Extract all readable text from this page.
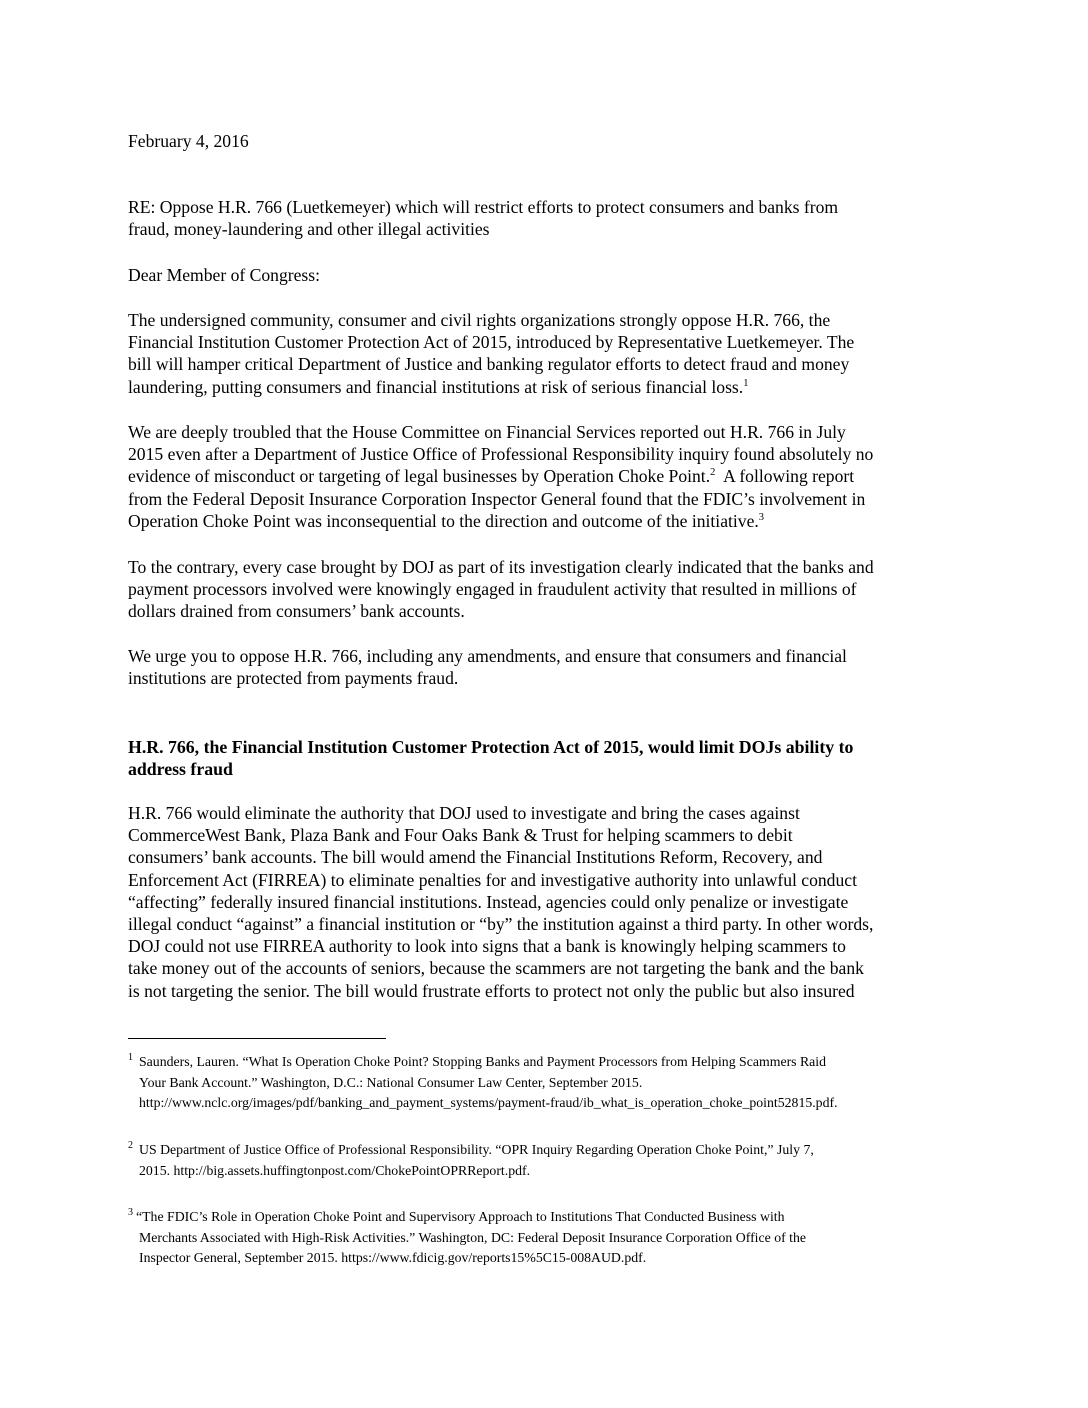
February 4, 2016
RE: Oppose H.R. 766 (Luetkemeyer) which will restrict efforts to protect consumers and banks from
fraud, money-laundering and other illegal activities
Dear Member of Congress:
The undersigned community, consumer and civil rights organizations strongly oppose H.R. 766, the
Financial Institution Customer Protection Act of 2015, introduced by Representative Luetkemeyer. The
bill will hamper critical Department of Justice and banking regulator efforts to detect fraud and money
laundering, putting consumers and financial institutions at risk of serious financial loss.$^1$
We are deeply troubled that the House Committee on Financial Services reported out H.R. 766 in July
2015 even after a Department of Justice Office of Professional Responsibility inquiry found absolutely no
evidence of misconduct or targeting of legal businesses by Operation Choke Point.$^2$  A following report
from the Federal Deposit Insurance Corporation Inspector General found that the FDIC’s involvement in
Operation Choke Point was inconsequential to the direction and outcome of the initiative.$^3$
To the contrary, every case brought by DOJ as part of its investigation clearly indicated that the banks and
payment processors involved were knowingly engaged in fraudulent activity that resulted in millions of
dollars drained from consumers’ bank accounts.
We urge you to oppose H.R. 766, including any amendments, and ensure that consumers and financial
institutions are protected from payments fraud.
H.R. 766, the Financial Institution Customer Protection Act of 2015, would limit DOJs ability to
address fraud
H.R. 766 would eliminate the authority that DOJ used to investigate and bring the cases against
CommerceWest Bank, Plaza Bank and Four Oaks Bank & Trust for helping scammers to debit
consumers’ bank accounts. The bill would amend the Financial Institutions Reform, Recovery, and
Enforcement Act (FIRREA) to eliminate penalties for and investigative authority into unlawful conduct
“affecting” federally insured financial institutions. Instead, agencies could only penalize or investigate
illegal conduct “against” a financial institution or “by” the institution against a third party. In other words,
DOJ could not use FIRREA authority to look into signs that a bank is knowingly helping scammers to
take money out of the accounts of seniors, because the scammers are not targeting the bank and the bank
is not targeting the senior. The bill would frustrate efforts to protect not only the public but also insured
$^1$ Saunders, Lauren. “What Is Operation Choke Point? Stopping Banks and Payment Processors from Helping Scammers Raid
Your Bank Account.” Washington, D.C.: National Consumer Law Center, September 2015.
http://www.nclc.org/images/pdf/banking_and_payment_systems/payment-fraud/ib_what_is_operation_choke_point52815.pdf.
$^2$ US Department of Justice Office of Professional Responsibility. “OPR Inquiry Regarding Operation Choke Point,” July 7,
2015. http://big.assets.huffingtonpost.com/ChokePointOPRReport.pdf.
$^3$ “The FDIC’s Role in Operation Choke Point and Supervisory Approach to Institutions That Conducted Business with
Merchants Associated with High-Risk Activities.” Washington, DC: Federal Deposit Insurance Corporation Office of the
Inspector General, September 2015. https://www.fdicig.gov/reports15%5C15-008AUD.pdf.
